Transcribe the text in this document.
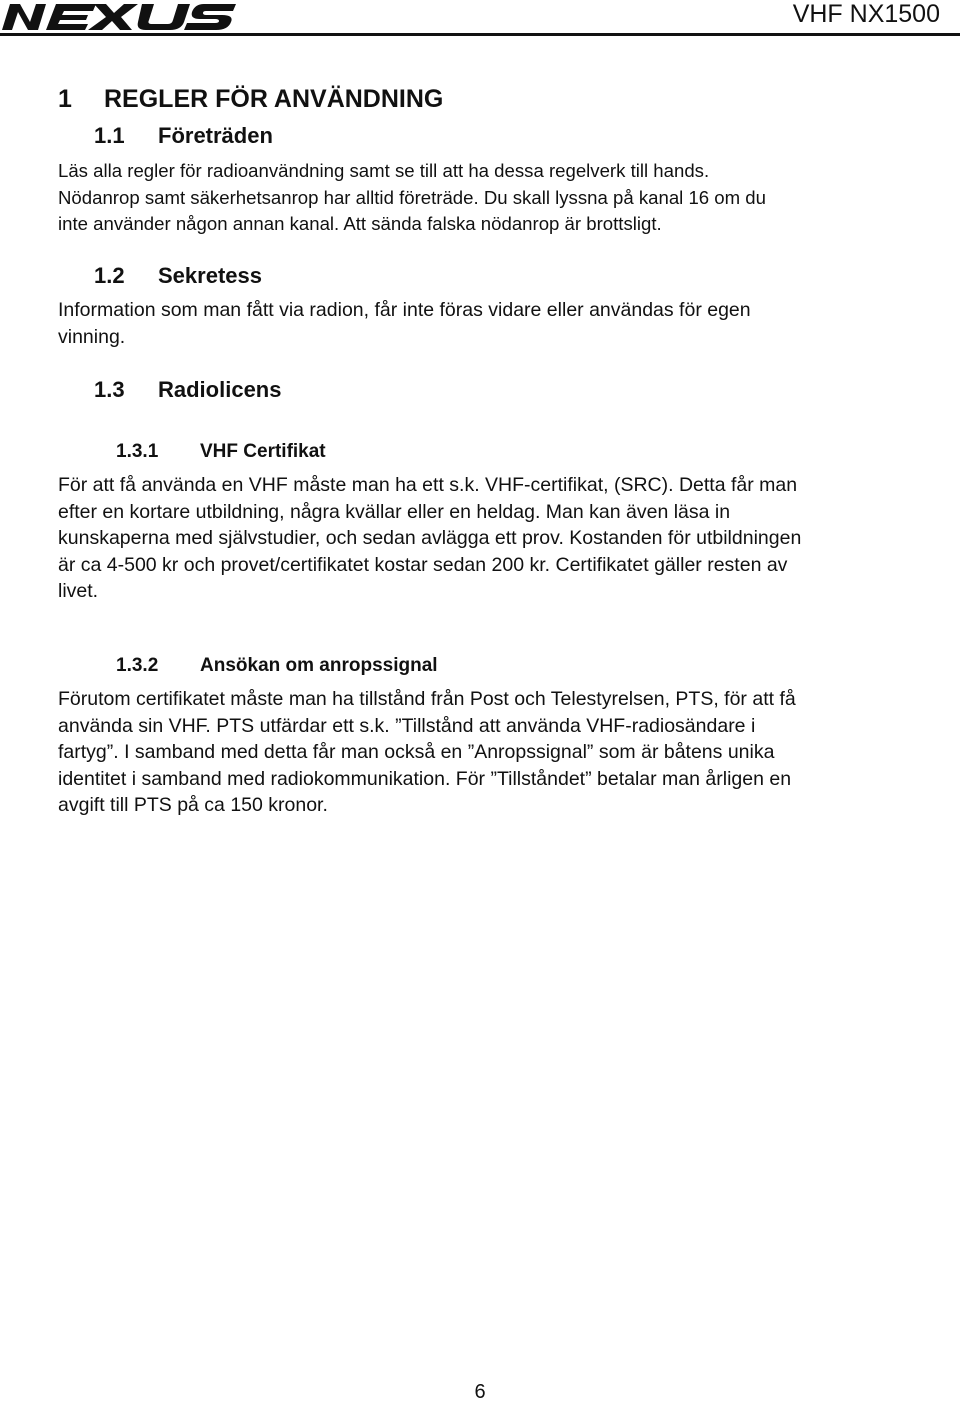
VHF NX1500
1 REGLER FÖR ANVÄNDNING
1.1 Företräden
Läs alla regler för radioanvändning samt se till att ha dessa regelverk till hands.
Nödanrop samt säkerhetsanrop har alltid företräde. Du skall lyssna på kanal 16 om du
inte använder någon annan kanal. Att sända falska nödanrop är brottsligt.
1.2 Sekretess
Information som man fått via radion, får inte föras vidare eller användas för egen
vinning.
1.3 Radiolicens
1.3.1 VHF Certifikat
För att få använda en VHF måste man ha ett s.k. VHF-certifikat, (SRC). Detta får man
efter en kortare utbildning, några kvällar eller en heldag. Man kan även läsa in
kunskaperna med självstudier, och sedan avlägga ett prov. Kostanden för utbildningen
är ca 4-500 kr och provet/certifikatet kostar sedan 200 kr. Certifikatet gäller resten av
livet.
1.3.2 Ansökan om anropssignal
Förutom certifikatet måste man ha tillstånd från Post och Telestyrelsen, PTS, för att få
använda sin VHF. PTS utfärdar ett s.k. ”Tillstånd att använda VHF-radiosändare i
fartyg”. I samband med detta får man också en ”Anropssignal” som är båtens unika
identitet i samband med radiokommunikation. För ”Tillståndet” betalar man årligen en
avgift till PTS på ca 150 kronor.
6
